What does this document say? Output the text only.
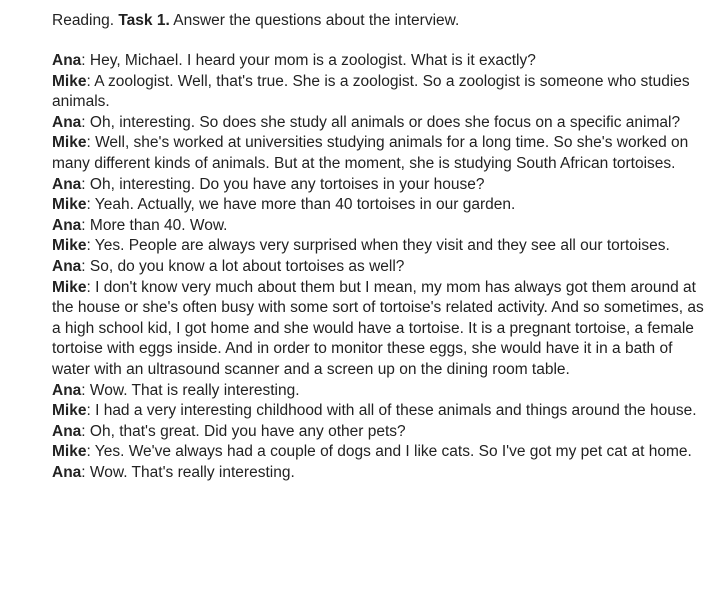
Reading. Task 1. Answer the questions about the interview.

Ana: Hey, Michael. I heard your mom is a zoologist. What is it exactly?

Mike: A zoologist. Well, that's true. She is a zoologist. So a zoologist is someone who studies animals.

Ana: Oh, interesting. So does she study all animals or does she focus on a specific animal?

Mike: Well, she's worked at universities studying animals for a long time. So she's worked on many different kinds of animals. But at the moment, she is studying South African tortoises.

Ana: Oh, interesting. Do you have any tortoises in your house?

Mike: Yeah. Actually, we have more than 40 tortoises in our garden.

Ana: More than 40. Wow.

Mike: Yes. People are always very surprised when they visit and they see all our tortoises.

Ana: So, do you know a lot about tortoises as well?

Mike: I don't know very much about them but I mean, my mom has always got them around at the house or she's often busy with some sort of tortoise's related activity. And so sometimes, as a high school kid, I got home and she would have a tortoise. It is a pregnant tortoise, a female tortoise with eggs inside. And in order to monitor these eggs, she would have it in a bath of water with an ultrasound scanner and a screen up on the dining room table.

Ana: Wow. That is really interesting.

Mike: I had a very interesting childhood with all of these animals and things around the house.

Ana: Oh, that's great. Did you have any other pets?

Mike: Yes. We've always had a couple of dogs and I like cats. So I've got my pet cat at home.

Ana: Wow. That's really interesting.
